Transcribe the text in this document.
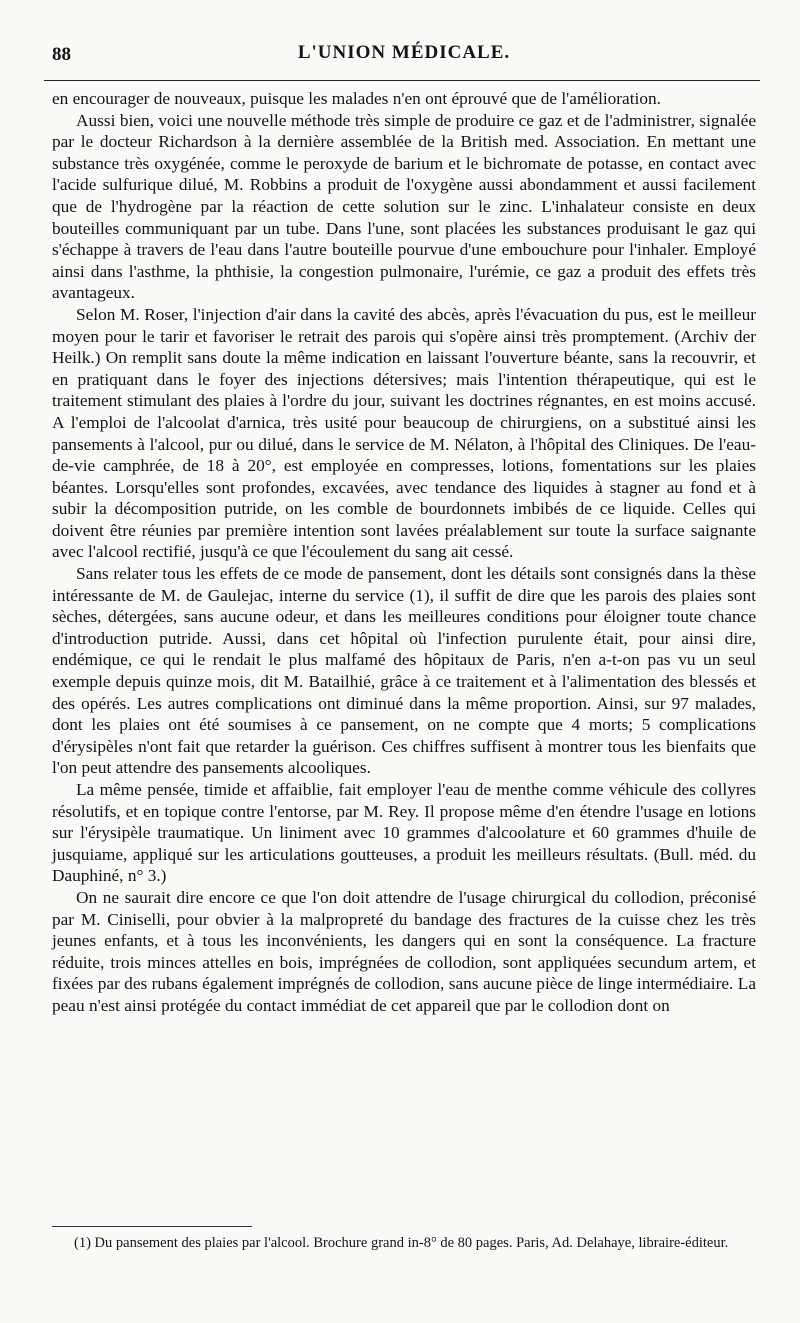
88	L'UNION MÉDICALE.

en encourager de nouveaux, puisque les malades n'en ont éprouvé que de l'amélioration.

Aussi bien, voici une nouvelle méthode très simple de produire ce gaz et de l'administrer, signalée par le docteur Richardson à la dernière assemblée de la British med. Association. En mettant une substance très oxygénée, comme le peroxyde de barium et le bichromate de potasse, en contact avec l'acide sulfurique dilué, M. Robbins a produit de l'oxygène aussi abondamment et aussi facilement que de l'hydrogène par la réaction de cette solution sur le zinc. L'inhalateur consiste en deux bouteilles communiquant par un tube. Dans l'une, sont placées les substances produisant le gaz qui s'échappe à travers de l'eau dans l'autre bouteille pourvue d'une embouchure pour l'inhaler. Employé ainsi dans l'asthme, la phthisie, la congestion pulmonaire, l'urémie, ce gaz a produit des effets très avantageux.

Selon M. Roser, l'injection d'air dans la cavité des abcès, après l'évacuation du pus, est le meilleur moyen pour le tarir et favoriser le retrait des parois qui s'opère ainsi très promptement. (Archiv der Heilk.) On remplit sans doute la même indication en laissant l'ouverture béante, sans la recouvrir, et en pratiquant dans le foyer des injections détersives; mais l'intention thérapeutique, qui est le traitement stimulant des plaies à l'ordre du jour, suivant les doctrines régnantes, en est moins accusé. A l'emploi de l'alcoolat d'arnica, très usité pour beaucoup de chirurgiens, on a substitué ainsi les pansements à l'alcool, pur ou dilué, dans le service de M. Nélaton, à l'hôpital des Cliniques. De l'eau-de-vie camphrée, de 18 à 20°, est employée en compresses, lotions, fomentations sur les plaies béantes. Lorsqu'elles sont profondes, excavées, avec tendance des liquides à stagner au fond et à subir la décomposition putride, on les comble de bourdonnets imbibés de ce liquide. Celles qui doivent être réunies par première intention sont lavées préalablement sur toute la surface saignante avec l'alcool rectifié, jusqu'à ce que l'écoulement du sang ait cessé.

Sans relater tous les effets de ce mode de pansement, dont les détails sont consignés dans la thèse intéressante de M. de Gaulejac, interne du service (1), il suffit de dire que les parois des plaies sont sèches, détergées, sans aucune odeur, et dans les meilleures conditions pour éloigner toute chance d'introduction putride. Aussi, dans cet hôpital où l'infection purulente était, pour ainsi dire, endémique, ce qui le rendait le plus malfamé des hôpitaux de Paris, n'en a-t-on pas vu un seul exemple depuis quinze mois, dit M. Batailhié, grâce à ce traitement et à l'alimentation des blessés et des opérés. Les autres complications ont diminué dans la même proportion. Ainsi, sur 97 malades, dont les plaies ont été soumises à ce pansement, on ne compte que 4 morts; 5 complications d'érysipèles n'ont fait que retarder la guérison. Ces chiffres suffisent à montrer tous les bienfaits que l'on peut attendre des pansements alcooliques.

La même pensée, timide et affaiblie, fait employer l'eau de menthe comme véhicule des collyres résolutifs, et en topique contre l'entorse, par M. Rey. Il propose même d'en étendre l'usage en lotions sur l'érysipèle traumatique. Un liniment avec 10 grammes d'alcoolature et 60 grammes d'huile de jusquiame, appliqué sur les articulations goutteuses, a produit les meilleurs résultats. (Bull. méd. du Dauphiné, n° 3.)

On ne saurait dire encore ce que l'on doit attendre de l'usage chirurgical du collodion, préconisé par M. Ciniselli, pour obvier à la malpropreté du bandage des fractures de la cuisse chez les très jeunes enfants, et à tous les inconvénients, les dangers qui en sont la conséquence. La fracture réduite, trois minces attelles en bois, imprégnées de collodion, sont appliquées secundum artem, et fixées par des rubans également imprégnés de collodion, sans aucune pièce de linge intermédiaire. La peau n'est ainsi protégée du contact immédiat de cet appareil que par le collodion dont on

(1) Du pansement des plaies par l'alcool. Brochure grand in-8° de 80 pages. Paris, Ad. Delahaye, libraire-éditeur.
